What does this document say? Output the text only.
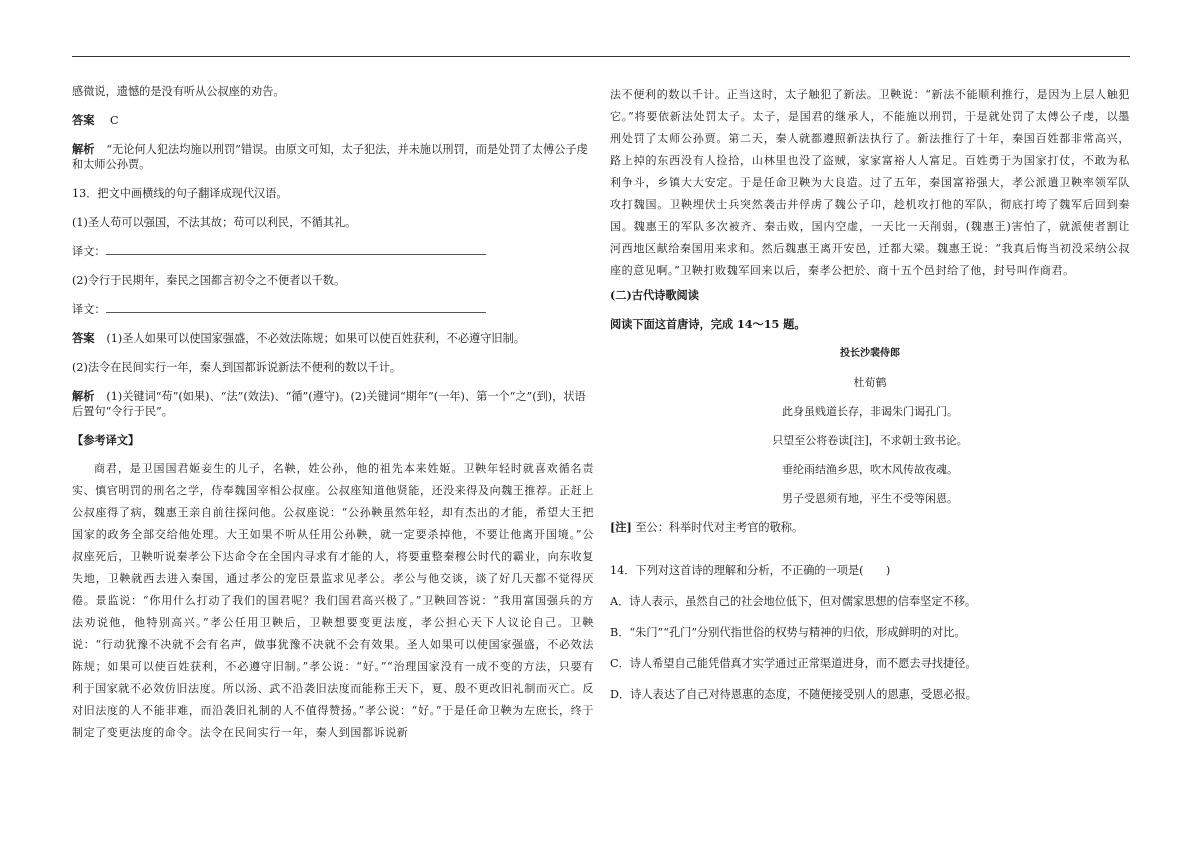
感微说，遗憾的是没有听从公叔座的劝告。

答案 C

解析 “无论何人犯法均施以刑罚”错误。由原文可知，太子犯法，并未施以刑罚，而是处罚了太傅公子虔和太师公孙贾。

13．把文中画横线的句子翻译成现代汉语。

(1)圣人苟可以强国，不法其故；苟可以利民，不循其礼。

译文：

(2)令行于民期年，秦民之国都言初令之不便者以千数。

译文：

答案 (1)圣人如果可以使国家强盛，不必效法陈规；如果可以使百姓获利，不必遵守旧制。

(2)法令在民间实行一年，秦人到国都诉说新法不便利的数以千计。

解析 (1)关键词“苟”(如果)、“法”(效法)、“循”(遵守)。(2)关键词“期年”(一年)、第一个“之”(到)，状语后置句“令行于民”。

【参考译文】

商君，是卫国国君姬妾生的儿子，名鞅，姓公孙，他的祖先本来姓姬。卫鞅年轻时就喜欢循名责实、慎官明罚的刑名之学，侍奉魏国宰相公叔座。公叔座知道他贤能，还没来得及向魏王推荐。正赶上公叔座得了病，魏惠王亲自前往探问他。公叔座说：“公孙鞅虽然年轻，却有杰出的才能，希望大王把国家的政务全部交给他处理。大王如果不听从任用公孙鞅，就一定要杀掉他，不要让他离开国境。”公叔座死后，卫鞅听说秦孝公下达命令在全国内寻求有才能的人，将要重整秦穆公时代的霸业，向东收复失地，卫鞅就西去进入秦国，通过孝公的宠臣景监求见孝公。孝公与他交谈，谈了好几天都不觉得厌倦。景监说：“你用什么打动了我们的国君呢？我们国君高兴极了。”卫鞅回答说：“我用富国强兵的方法劝说他，他特别高兴。”孝公任用卫鞅后，卫鞅想要变更法度，孝公担心天下人议论自己。卫鞅说：“行动犹豫不决就不会有名声，做事犹豫不决就不会有效果。圣人如果可以使国家强盛，不必效法陈规；如果可以使百姓获利，不必遵守旧制。”孝公说：“好。”“治理国家没有一成不变的方法，只要有利于国家就不必效仿旧法度。所以汤、武不沿袭旧法度而能称王天下，夏、殷不更改旧礼制而灭亡。反对旧法度的人不能非难，而沿袭旧礼制的人不值得赞扬。”孝公说：“好。”于是任命卫鞅为左庶长，终于制定了变更法度的命令。法令在民间实行一年，秦人到国都诉说新

法不便利的数以千计。正当这时，太子触犯了新法。卫鞅说：“新法不能顺利推行，是因为上层人触犯它。”将要依新法处罚太子。太子，是国君的继承人，不能施以刑罚，于是就处罚了太傅公子虔，以墨刑处罚了太师公孙贾。第二天，秦人就都遵照新法执行了。新法推行了十年，秦国百姓都非常高兴，路上掉的东西没有人捡拾，山林里也没了盗贼，家家富裕人人富足。百姓勇于为国家打仗，不敢为私利争斗，乡镇大大安定。于是任命卫鞅为大良造。过了五年，秦国富裕强大，孝公派遣卫鞅率领军队攻打魏国。卫鞅埋伏士兵突然袭击并俘虏了魏公子卬，趁机攻打他的军队，彻底打垮了魏军后回到秦国。魏惠王的军队多次被齐、秦击败，国内空虚，一天比一天削弱，(魏惠王)害怕了，就派使者割让河西地区献给秦国用来求和。然后魏惠王离开安邑，迁都大梁。魏惠王说：“我真后悔当初没采纳公叔座的意见啊。”卫鞅打败魏军回来以后，秦孝公把於、商十五个邑封给了他，封号叫作商君。

(二)古代诗歌阅读

阅读下面这首唐诗，完成 14～15 题。

投长沙裴侍郎

杜荀鹤

此身虽贱道长存，非谒朱门谒孔门。

只望至公将卷读[注]，不求朝士致书论。

垂纶雨结渔乡思，吹木风传故夜魂。

男子受恩须有地，平生不受等闲恩。

[注] 至公：科举时代对主考官的敬称。

14．下列对这首诗的理解和分析，不正确的一项是(　　)

A．诗人表示，虽然自己的社会地位低下，但对儒家思想的信奉坚定不移。

B．“朱门”“孔门”分别代指世俗的权势与精神的归依，形成鲜明的对比。

C．诗人希望自己能凭借真才实学通过正常渠道进身，而不愿去寻找捷径。

D．诗人表达了自己对待恩惠的态度，不随便接受别人的恩惠，受恩必报。
